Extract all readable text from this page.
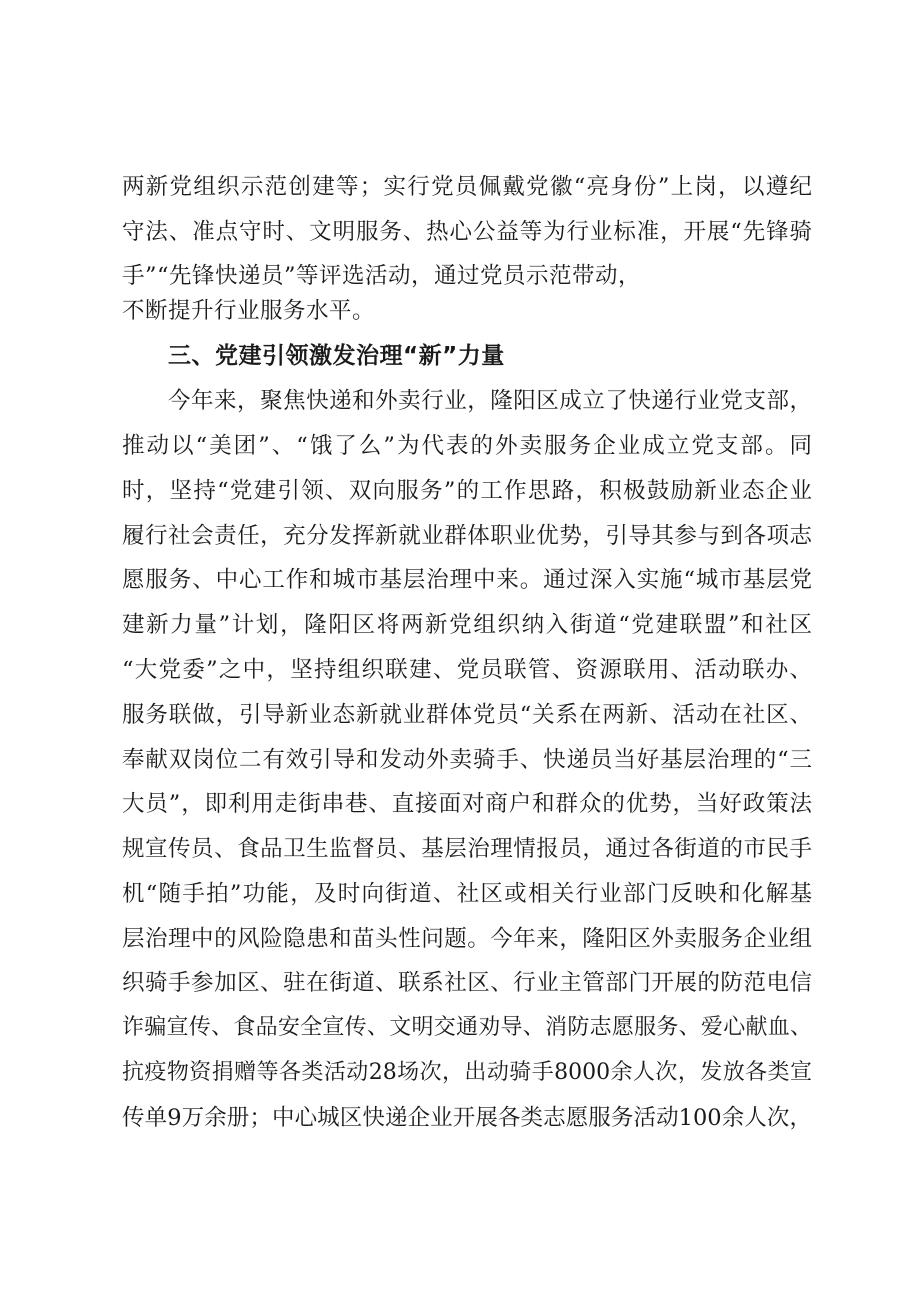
两新党组织示范创建等；实行党员佩戴党徽“亮身份”上岗，以遵纪
守法、准点守时、文明服务、热心公益等为行业标准，开展“先锋骑
手”“先锋快递员”等评选活动，通过党员示范带动，
不断提升行业服务水平。
三、党建引领激发治理“新”力量
今年来，聚焦快递和外卖行业，隆阳区成立了快递行业党支部，
推动以“美团”、“饿了么”为代表的外卖服务企业成立党支部。同
时，坚持“党建引领、双向服务”的工作思路，积极鼓励新业态企业
履行社会责任，充分发挥新就业群体职业优势，引导其参与到各项志
愿服务、中心工作和城市基层治理中来。通过深入实施“城市基层党
建新力量”计划，隆阳区将两新党组织纳入街道“党建联盟”和社区
“大党委”之中，坚持组织联建、党员联管、资源联用、活动联办、
服务联做，引导新业态新就业群体党员“关系在两新、活动在社区、
奉献双岗位二有效引导和发动外卖骑手、快递员当好基层治理的“三
大员”，即利用走街串巷、直接面对商户和群众的优势，当好政策法
规宣传员、食品卫生监督员、基层治理情报员，通过各街道的市民手
机“随手拍”功能，及时向街道、社区或相关行业部门反映和化解基
层治理中的风险隐患和苗头性问题。今年来，隆阳区外卖服务企业组
织骑手参加区、驻在街道、联系社区、行业主管部门开展的防范电信
诈骗宣传、食品安全宣传、文明交通劝导、消防志愿服务、爱心献血、
抗疫物资捐赠等各类活动28场次，出动骑手8000余人次，发放各类宣
传单9万余册；中心城区快递企业开展各类志愿服务活动100余人次，
